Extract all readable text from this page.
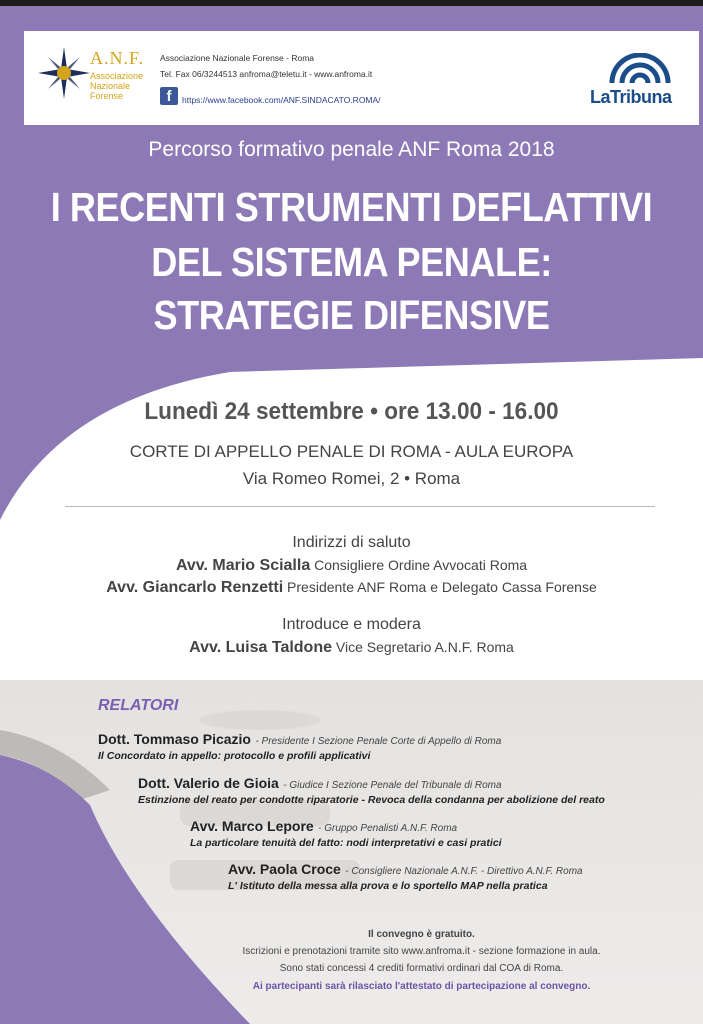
A.N.F.
Associazione
Nazionale
Forense
Associazione Nazionale Forense - Roma
Tel. Fax 06/3244513 anfroma@teletu.it - www.anfroma.it
f	https://www.facebook.com/ANF.SINDACATO.ROMA/	LaTribuna
Percorso formativo penale ANF Roma 2018
I RECENTI STRUMENTI DEFLATTIVI
DEL SISTEMA PENALE:
STRATEGIE DIFENSIVE
Lunedì 24 settembre • ore 13.00 - 16.00
CORTE DI APPELLO PENALE DI ROMA - AULA EUROPA
Via Romeo Romei, 2 • Roma
Indirizzi di saluto
Avv. Mario Scialla Consigliere Ordine Avvocati Roma
Avv. Giancarlo Renzetti Presidente ANF Roma e Delegato Cassa Forense
Introduce e modera
Avv. Luisa Taldone Vice Segretario A.N.F. Roma
RELATORI
Dott. Tommaso Picazio - Presidente I Sezione Penale Corte di Appello di Roma
Il Concordato in appello: protocollo e profili applicativi
Dott. Valerio de Gioia - Giudice I Sezione Penale del Tribunale di Roma
Estinzione del reato per condotte riparatorie - Revoca della condanna per abolizione del reato
Avv. Marco Lepore - Gruppo Penalisti A.N.F. Roma
La particolare tenuità del fatto: nodi interpretativi e casi pratici
Avv. Paola Croce - Consigliere Nazionale A.N.F. - Direttivo A.N.F. Roma
L' Istituto della messa alla prova e lo sportello MAP nella pratica
Il convegno è gratuito.
Iscrizioni e prenotazioni tramite sito www.anfroma.it - sezione formazione in aula.
Sono stati concessi 4 crediti formativi ordinari dal COA di Roma.
Ai partecipanti sarà rilasciato l'attestato di partecipazione al convegno.
